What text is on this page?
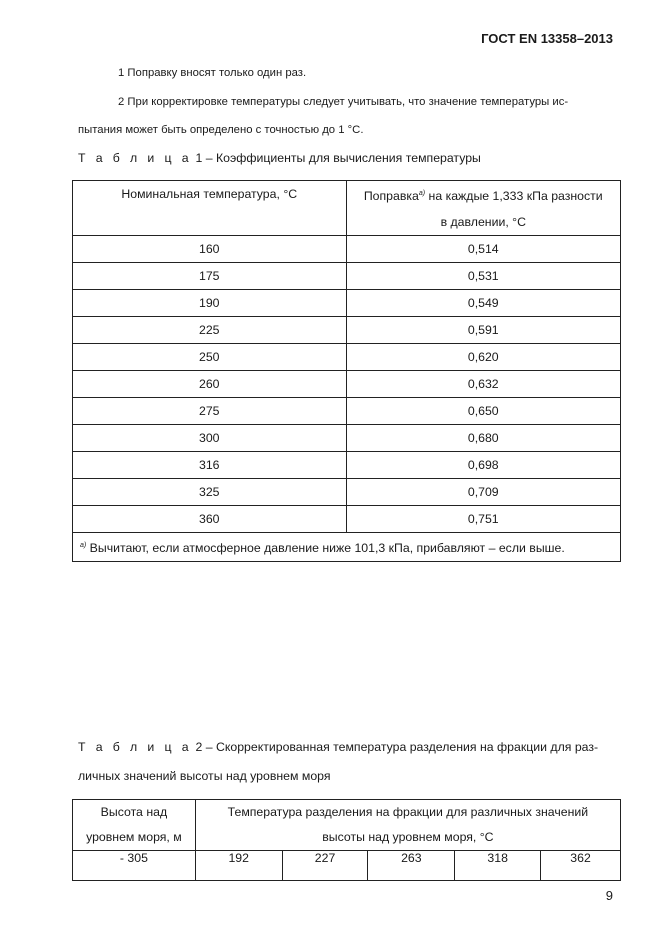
ГОСТ EN 13358–2013
1 Поправку вносят только один раз.
2 При корректировке температуры следует учитывать, что значение температуры ис-
пытания может быть определено с точностью до 1 °С.
Т а б л и ц а 1 – Коэффициенты для вычисления температуры
Номинальная температура, °С	Поправка$^{а)}$ на каждые 1,333 кПа разности
в давлении, °С
160	0,514
175	0,531
190	0,549
225	0,591
250	0,620
260	0,632
275	0,650
300	0,680
316	0,698
325	0,709
360	0,751
$^{а)}$ Вычитают, если атмосферное давление ниже 101,3 кПа, прибавляют – если выше.	
Т а б л и ц а 2 – Скорректированная температура разделения на фракции для раз-
личных значений высоты над уровнем моря
Высота над
уровнем моря, м	Температура разделения на фракции для различных значений
высоты над уровнем моря, °С				
- 305	192	227	263	318	362
9
